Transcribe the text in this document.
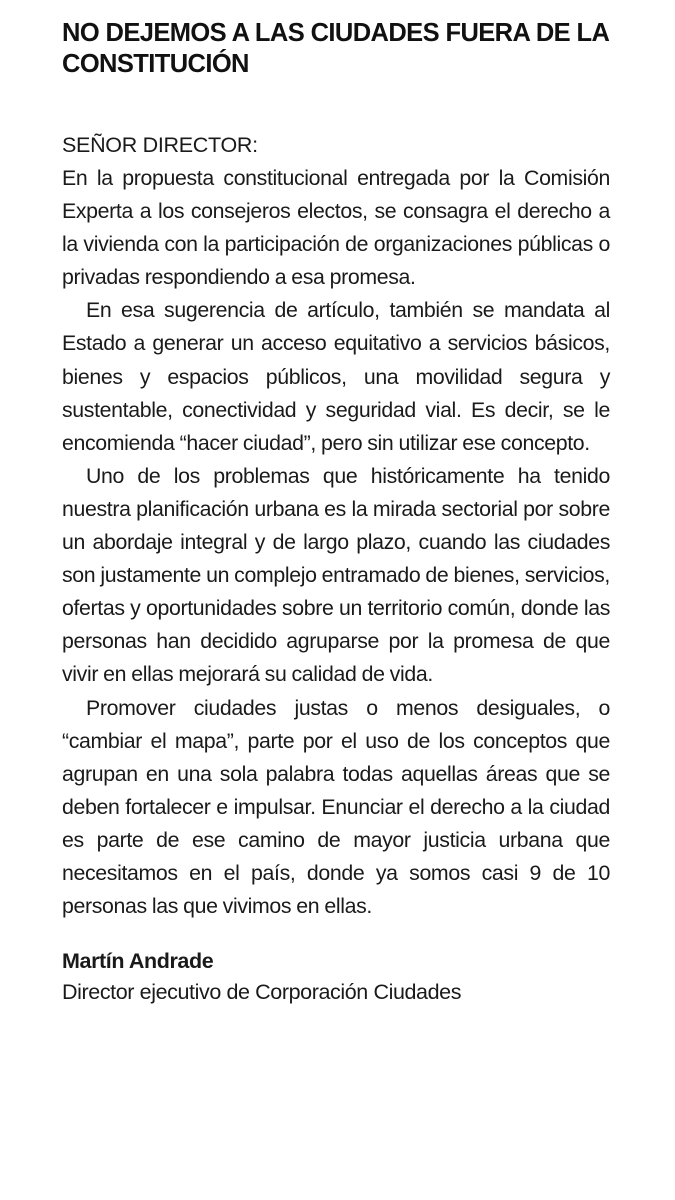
NO DEJEMOS A LAS CIUDADES FUERA DE LA CONSTITUCIÓN

SEÑOR DIRECTOR:

En la propuesta constitucional entregada por la Comisión Experta a los consejeros electos, se consagra el derecho a la vivienda con la participación de organizaciones públicas o privadas respondiendo a esa promesa.

En esa sugerencia de artículo, también se mandata al Estado a generar un acceso equitativo a servicios básicos, bienes y espacios públicos, una movilidad segura y sustentable, conectividad y seguridad vial. Es decir, se le encomienda “hacer ciudad”, pero sin utilizar ese concepto.

Uno de los problemas que históricamente ha tenido nuestra planificación urbana es la mirada sectorial por sobre un abordaje integral y de largo plazo, cuando las ciudades son justamente un complejo entramado de bienes, servicios, ofertas y oportunidades sobre un territorio común, donde las personas han decidido agruparse por la promesa de que vivir en ellas mejorará su calidad de vida.

Promover ciudades justas o menos desiguales, o “cambiar el mapa”, parte por el uso de los conceptos que agrupan en una sola palabra todas aquellas áreas que se deben fortalecer e impulsar. Enunciar el derecho a la ciudad es parte de ese camino de mayor justicia urbana que necesitamos en el país, donde ya somos casi 9 de 10 personas las que vivimos en ellas.

Martín Andrade

Director ejecutivo de Corporación Ciudades
